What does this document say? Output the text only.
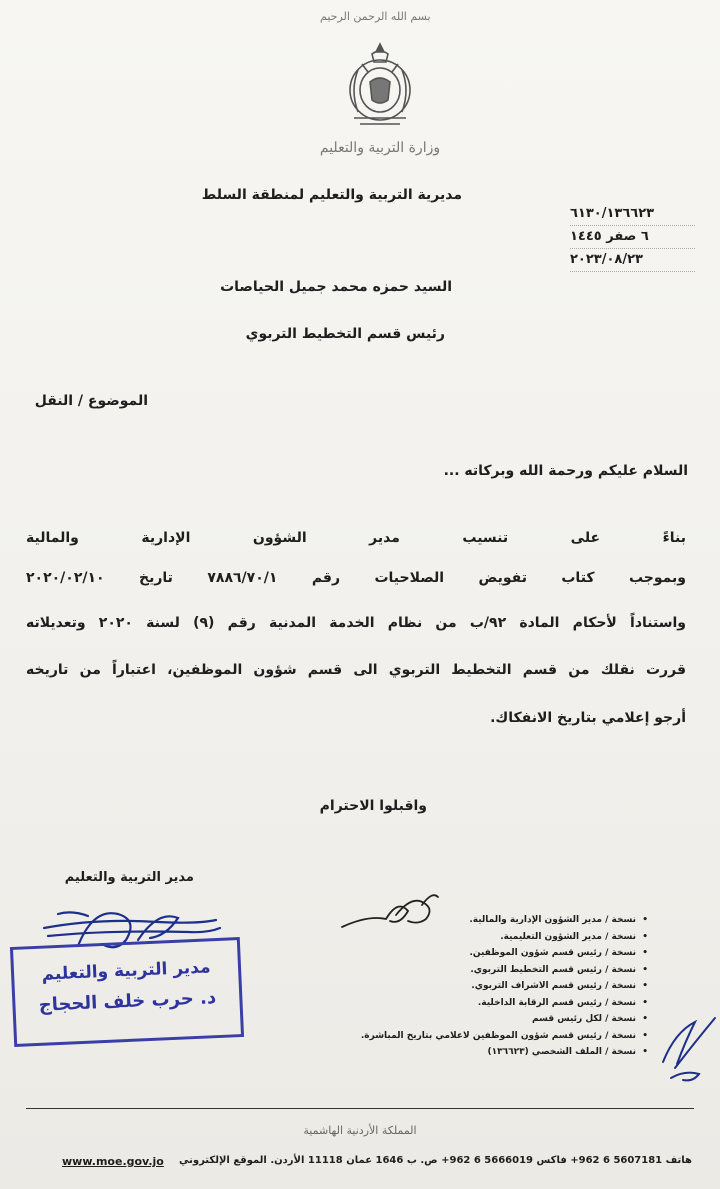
بسم الله الرحمن الرحيم
وزارة التربية والتعليم
مديرية التربية والتعليم لمنطقة السلط
٦١٣٠/١٣٦٦٢٣
٦ صفر ١٤٤٥
٢٠٢٣/٠٨/٢٣
السيد حمزه محمد جميل الحياصات
رئيس قسم التخطيط التربوي
الموضوع / النقل
السلام عليكم ورحمة الله وبركاته ...
بناءً على تنسيب مدير الشؤون الإدارية والمالية
وبموجب كتاب تفويض الصلاحيات رقم ٧٨٨٦/٧٠/١ تاريخ ٢٠٢٠/٠٢/١٠
واستناداً لأحكام المادة ٩٢/ب من نظام الخدمة المدنية رقم (٩) لسنة ٢٠٢٠ وتعديلاته
قررت نقلك من قسم التخطيط التربوي الى قسم شؤون الموظفين، اعتباراً من تاريخه
أرجو إعلامي بتاريخ الانفكاك.
واقبلوا الاحترام
مدير التربية والتعليم
مدير التربية والتعليم
د. حرب خلف الحجاج
• نسخة / مدير الشؤون الإدارية والمالية.
• نسخة / مدير الشؤون التعليمية.
• نسخة / رئيس قسم شؤون الموظفين.
• نسخة / رئيس قسم التخطيط التربوي.
• نسخة / رئيس قسم الاشراف التربوي.
• نسخة / رئيس قسم الرقابة الداخلية.
• نسخة / لكل رئيس قسم
• نسخة / رئيس قسم شؤون الموظفين لاعلامي بتاريخ المباشرة.
• نسخة / الملف الشخصي (١٣٦٦٢٣)
المملكة الأردنية الهاشمية
هاتف 5607181 6 962+ فاكس 5666019 6 962+ ص. ب 1646 عمان 11118 الأردن. الموقع الإلكتروني
www.moe.gov.jo
